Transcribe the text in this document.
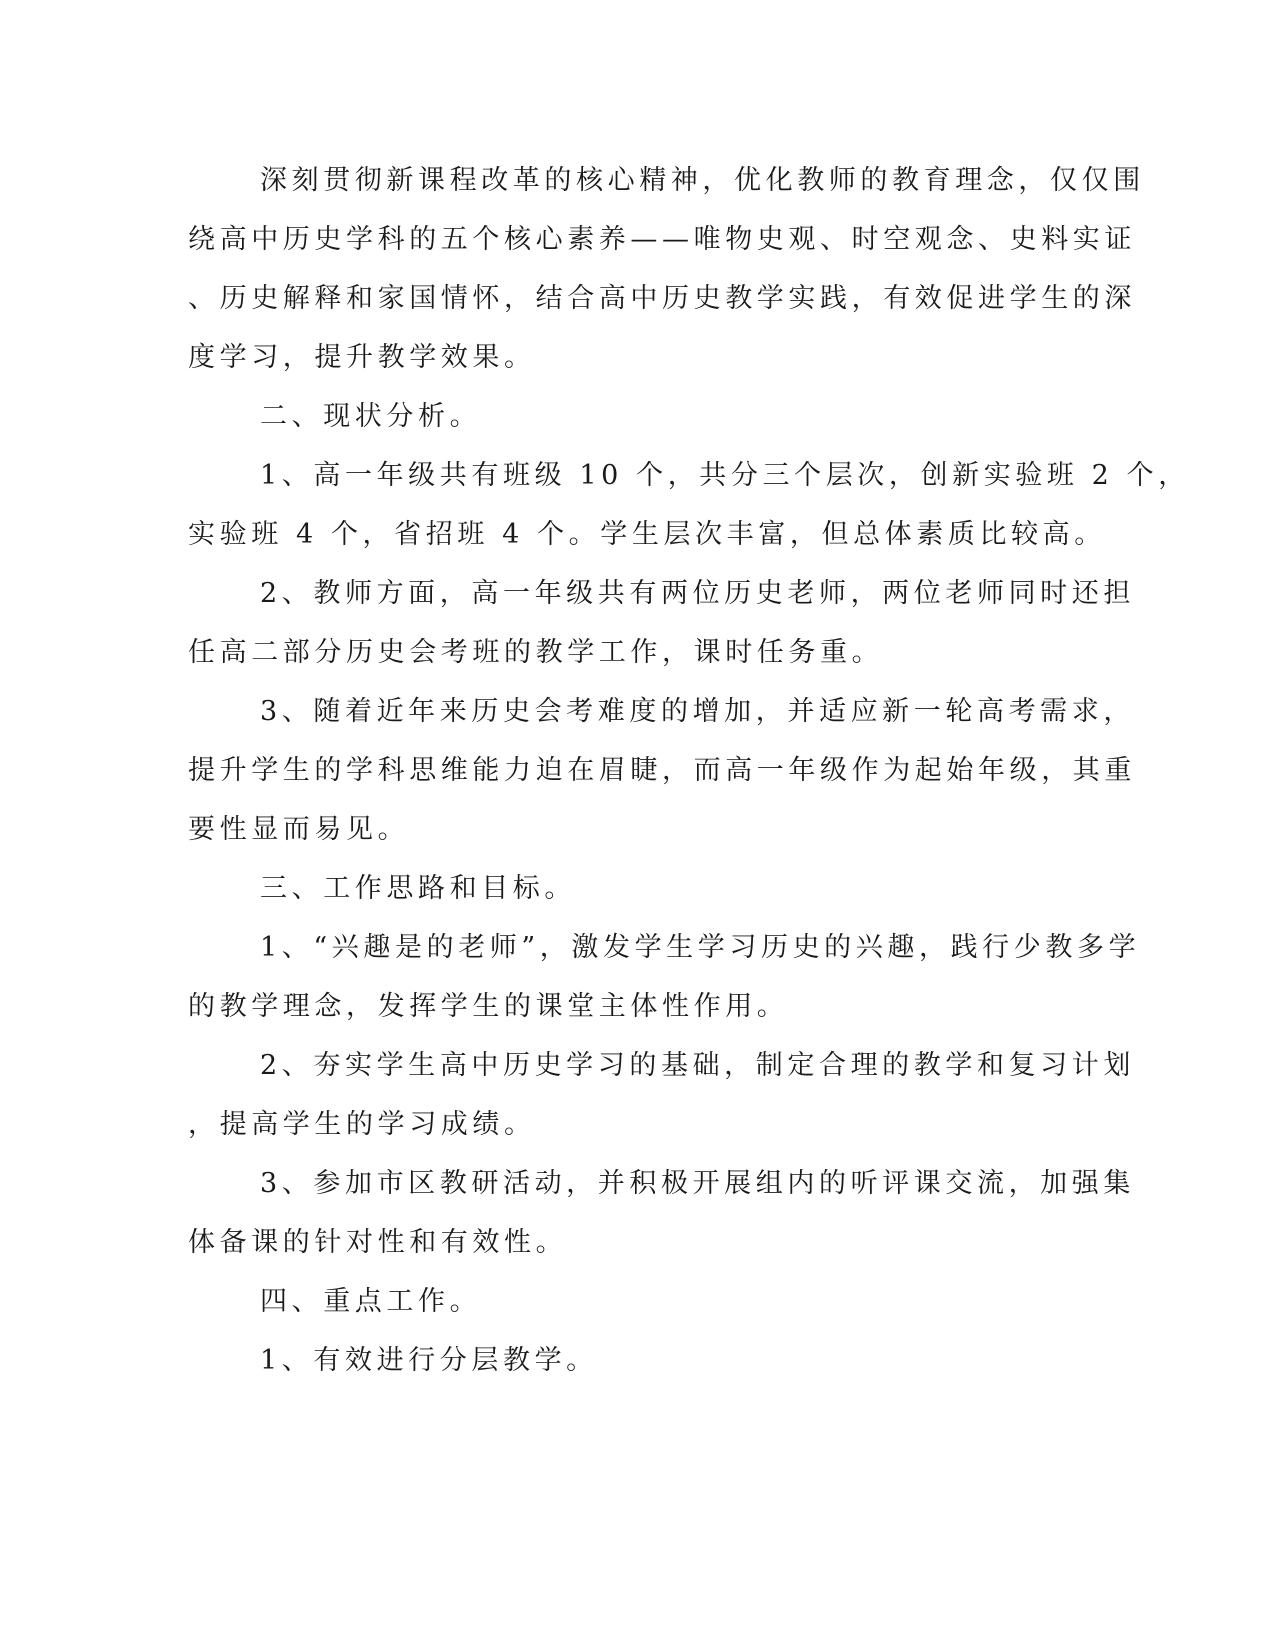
深刻贯彻新课程改革的核心精神，优化教师的教育理念，仅仅围
绕高中历史学科的五个核心素养——唯物史观、时空观念、史料实证
、历史解释和家国情怀，结合高中历史教学实践，有效促进学生的深
度学习，提升教学效果。
二、现状分析。
1、高一年级共有班级 10 个，共分三个层次，创新实验班 2 个，
实验班 4 个，省招班 4 个。学生层次丰富，但总体素质比较高。
2、教师方面，高一年级共有两位历史老师，两位老师同时还担
任高二部分历史会考班的教学工作，课时任务重。
3、随着近年来历史会考难度的增加，并适应新一轮高考需求，
提升学生的学科思维能力迫在眉睫，而高一年级作为起始年级，其重
要性显而易见。
三、工作思路和目标。
1、“兴趣是的老师”，激发学生学习历史的兴趣，践行少教多学
的教学理念，发挥学生的课堂主体性作用。
2、夯实学生高中历史学习的基础，制定合理的教学和复习计划
，提高学生的学习成绩。
3、参加市区教研活动，并积极开展组内的听评课交流，加强集
体备课的针对性和有效性。
四、重点工作。
1、有效进行分层教学。
